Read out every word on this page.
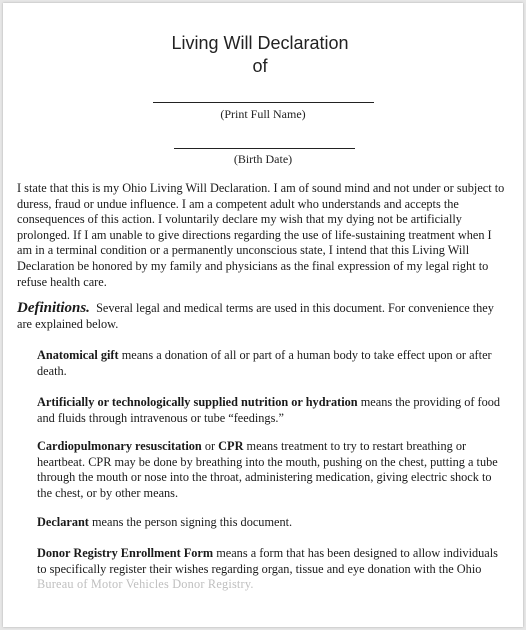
Living Will Declaration
of
(Print Full Name)
(Birth Date)
I state that this is my Ohio Living Will Declaration. I am of sound mind and not under or subject to duress, fraud or undue influence. I am a competent adult who understands and accepts the consequences of this action. I voluntarily declare my wish that my dying not be artificially prolonged. If I am unable to give directions regarding the use of life-sustaining treatment when I am in a terminal condition or a permanently unconscious state, I intend that this Living Will Declaration be honored by my family and physicians as the final expression of my legal right to refuse health care.
Definitions. Several legal and medical terms are used in this document. For convenience they are explained below.
Anatomical gift means a donation of all or part of a human body to take effect upon or after death.
Artificially or technologically supplied nutrition or hydration means the providing of food and fluids through intravenous or tube “feedings.”
Cardiopulmonary resuscitation or CPR means treatment to try to restart breathing or heartbeat. CPR may be done by breathing into the mouth, pushing on the chest, putting a tube through the mouth or nose into the throat, administering medication, giving electric shock to the chest, or by other means.
Declarant means the person signing this document.
Donor Registry Enrollment Form means a form that has been designed to allow individuals to specifically register their wishes regarding organ, tissue and eye donation with the Ohio Bureau of Motor Vehicles Donor Registry.
